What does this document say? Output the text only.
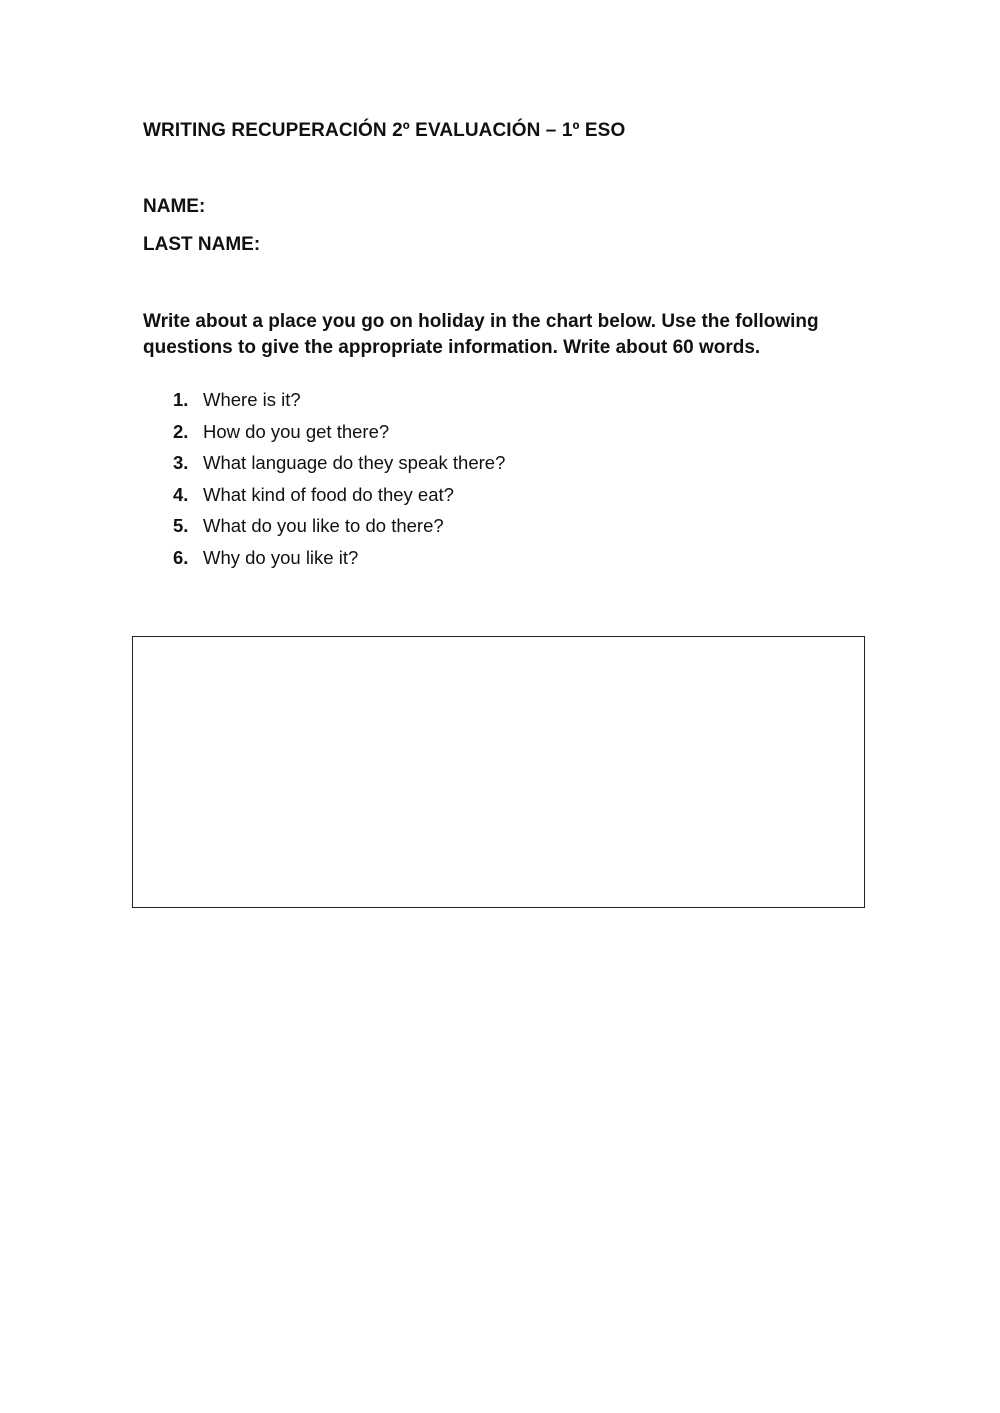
WRITING RECUPERACIÓN 2º EVALUACIÓN – 1º ESO
NAME:
LAST NAME:
Write about a place you go on holiday in the chart below. Use the following questions to give the appropriate information. Write about 60 words.
1. Where is it?
2. How do you get there?
3. What language do they speak there?
4. What kind of food do they eat?
5. What do you like to do there?
6. Why do you like it?
